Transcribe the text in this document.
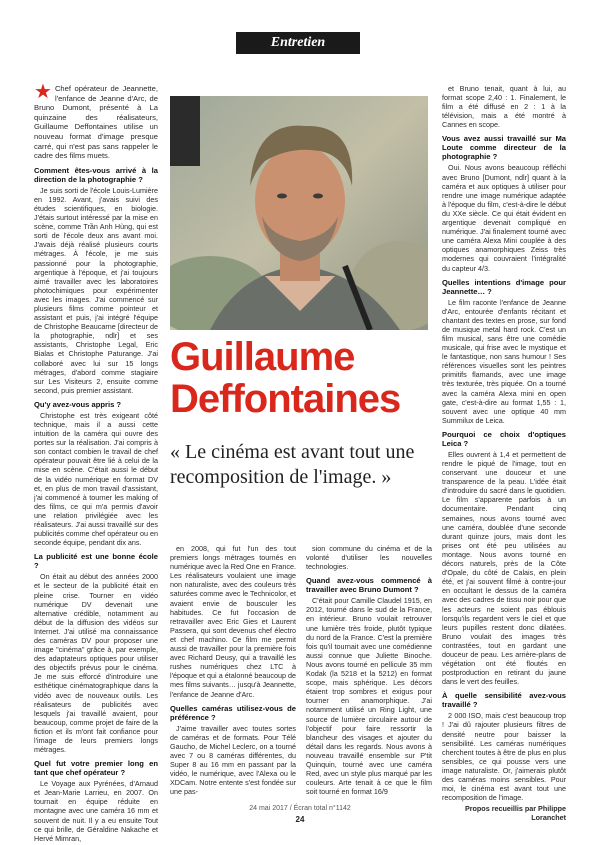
Entretien
★ Chef opérateur de Jeannette, l'enfance de Jeanne d'Arc, de Bruno Dumont, présenté à La quinzaine des réalisateurs, Guillaume Deffontaines utilise un nouveau format d'image presque carré, qui n'est pas sans rappeler le cadre des films muets.
Comment êtes-vous arrivé à la direction de la photographie ?

Je suis sorti de l'école Louis-Lumière en 1992. Avant, j'avais suivi des études scientifiques, en biologie. J'étais surtout intéressé par la mise en scène, comme Trần Anh Hùng, qui est sorti de l'école deux ans avant moi. J'avais déjà réalisé plusieurs courts métrages. À l'école, je me suis passionné pour la photographie, argentique à l'époque, et j'ai toujours aimé travailler avec les laboratoires photochimiques pour expérimenter avec les images. J'ai commencé sur plusieurs films comme pointeur et assistant et puis, j'ai intégré l'équipe de Christophe Beaucarne [directeur de la photographie, ndlr] et ses assistants, Christophe Legal, Eric Bialas et Christophe Paturange. J'ai collaboré avec lui sur 15 longs métrages, d'abord comme stagiaire sur Les Visiteurs 2, ensuite comme second, puis premier assistant.

Qu'y avez-vous appris ?

Christophe est très exigeant côté technique, mais il a aussi cette intuition de la caméra qui ouvre des portes sur la réalisation. J'ai compris à son contact combien le travail de chef opérateur pouvait être lié à celui de la mise en scène. C'était aussi le début de la vidéo numérique en format DV et, en plus de mon travail d'assistant, j'ai commencé à tourner les making of des films, ce qui m'a permis d'avoir une relation privilégiée avec les réalisateurs. J'ai aussi travaillé sur des publicités comme chef opérateur ou en seconde équipe, pendant dix ans.

La publicité est une bonne école ?

On était au début des années 2000 et le secteur de la publicité était en pleine crise. Tourner en vidéo numérique DV devenait une alternative crédible, notamment au début de la diffusion des vidéos sur Internet. J'ai utilisé ma connaissance des caméras DV pour proposer une image "cinéma" grâce à, par exemple, des adaptateurs optiques pour utiliser des objectifs prévus pour le cinéma. Je me suis efforcé d'introduire une esthétique cinématographique dans la vidéo avec de nouveaux outils. Les réalisateurs de publicités avec lesquels j'ai travaillé avaient, pour beaucoup, comme projet de faire de la fiction et ils m'ont fait confiance pour l'image de leurs premiers longs métrages.

Quel fut votre premier long en tant que chef opérateur ?

Le Voyage aux Pyrénées, d'Arnaud et Jean-Marie Larrieu, en 2007. On tournait en équipe réduite en montagne avec une caméra 16 mm et souvent de nuit. Il y a eu ensuite Tout ce qui brille, de Géraldine Nakache et Hervé Mimran,

Guillaume
Deffontaines
« Le cinéma est avant tout une recomposition de l'image. »

en 2008, qui fut l'un des tout premiers longs métrages tournés en numérique avec la Red One en France. Les réalisateurs voulaient une image non naturaliste, avec des couleurs très saturées comme avec le Technicolor, et avaient envie de bousculer les habitudes. Ce fut l'occasion de retravailler avec Eric Gies et Laurent Passera, qui sont devenus chef électro et chef machino. Ce film me permit aussi de travailler pour la première fois avec Richard Deusy, qui a travaillé les rushes numériques chez LTC à l'époque et qui a étalonné beaucoup de mes films suivants… jusqu'à Jeannette, l'enfance de Jeanne d'Arc.

Quelles caméras utilisez-vous de préférence ?

J'aime travailler avec toutes sortes de caméras et de formats. Pour Télé Gaucho, de Michel Leclerc, on a tourné avec 7 ou 8 caméras différentes, du Super 8 au 16 mm en passant par la vidéo, le numérique, avec l'Alexa ou le XDCam. Notre entente s'est fondée sur une pas-

sion commune du cinéma et de la volonté d'utiliser les nouvelles technologies.

Quand avez-vous commencé à travailler avec Bruno Dumont ?

C'était pour Camille Claudel 1915, en 2012, tourné dans le sud de la France, en intérieur. Bruno voulait retrouver une lumière très froide, plutôt typique du nord de la France. C'est la première fois qu'il tournait avec une comédienne aussi connue que Juliette Binoche. Nous avons tourné en pellicule 35 mm Kodak (la 5218 et la 5212) en format scope, mais sphérique. Les décors étaient trop sombres et exigus pour tourner en anamorphique. J'ai notamment utilisé un Ring Light, une source de lumière circulaire autour de l'objectif pour faire ressortir la blancheur des visages et ajouter du détail dans les regards. Nous avons à nouveau travaillé ensemble sur P'tit Quinquin, tourné avec une caméra Red, avec un style plus marqué par les couleurs. Arte tenait à ce que le film soit tourné en format 16/9

et Bruno tenait, quant à lui, au format scope 2,40 : 1. Finalement, le film a été diffusé en 2 : 1 à la télévision, mais a été montré à Cannes en scope.

Vous avez aussi travaillé sur Ma Loute comme directeur de la photographie ?

Oui. Nous avons beaucoup réfléchi avec Bruno [Dumont, ndlr] quant à la caméra et aux optiques à utiliser pour rendre une image numérique adaptée à l'époque du film, c'est-à-dire le début du XXe siècle. Ce qui était évident en argentique devenait compliqué en numérique. J'ai finalement tourné avec une caméra Alexa Mini couplée à des optiques anamorphiques Zeiss très modernes qui couvraient l'intégralité du capteur 4/3.

Quelles intentions d'image pour Jeannette… ?

Le film raconte l'enfance de Jeanne d'Arc, entourée d'enfants récitant et chantant des textes en prose, sur fond de musique metal hard rock. C'est un film musical, sans être une comédie musicale, qui frise avec le mystique et le fantastique, non sans humour ! Ses références visuelles sont les peintres primitifs flamands, avec une image très texturée, très piquée. On a tourné avec la caméra Alexa mini en open gate, c'est-à-dire au format 1,55 : 1, souvent avec une optique 40 mm Summilux de Leica.

Pourquoi ce choix d'optiques Leica ?

Elles ouvrent à 1,4 et permettent de rendre le piqué de l'image, tout en conservant une douceur et une transparence de la peau. L'idée était d'introduire du sacré dans le quotidien. Le film s'apparente parfois à un documentaire. Pendant cinq semaines, nous avons tourné avec une caméra, doublée d'une seconde durant quinze jours, mais dont les prises ont été peu utilisées au montage. Nous avons tourné en décors naturels, près de la Côte d'Opale, du côté de Calais, en plein été, et j'ai souvent filmé à contre-jour en occultant le dessus de la caméra avec des cadres de tissu noir pour que les acteurs ne soient pas éblouis lorsqu'ils regardent vers le ciel et que leurs pupilles restent donc dilatées. Bruno voulait des images très contrastées, tout en gardant une douceur de peau. Les arrière-plans de végétation ont été floutés en postproduction en retirant du jaune dans le vert des feuilles.

À quelle sensibilité avez-vous travaillé ?

2 000 ISO, mais c'est beaucoup trop ! J'ai dû rajouter plusieurs filtres de densité neutre pour baisser la sensibilité. Les caméras numériques cherchent toutes à être de plus en plus sensibles, ce qui pousse vers une image naturaliste. Or, j'aimerais plutôt des caméras moins sensibles. Pour moi, le cinéma est avant tout une recomposition de l'image.

Propos recueillis par Philippe Loranchet
24 mai 2017 / Écran total n°1142
24
